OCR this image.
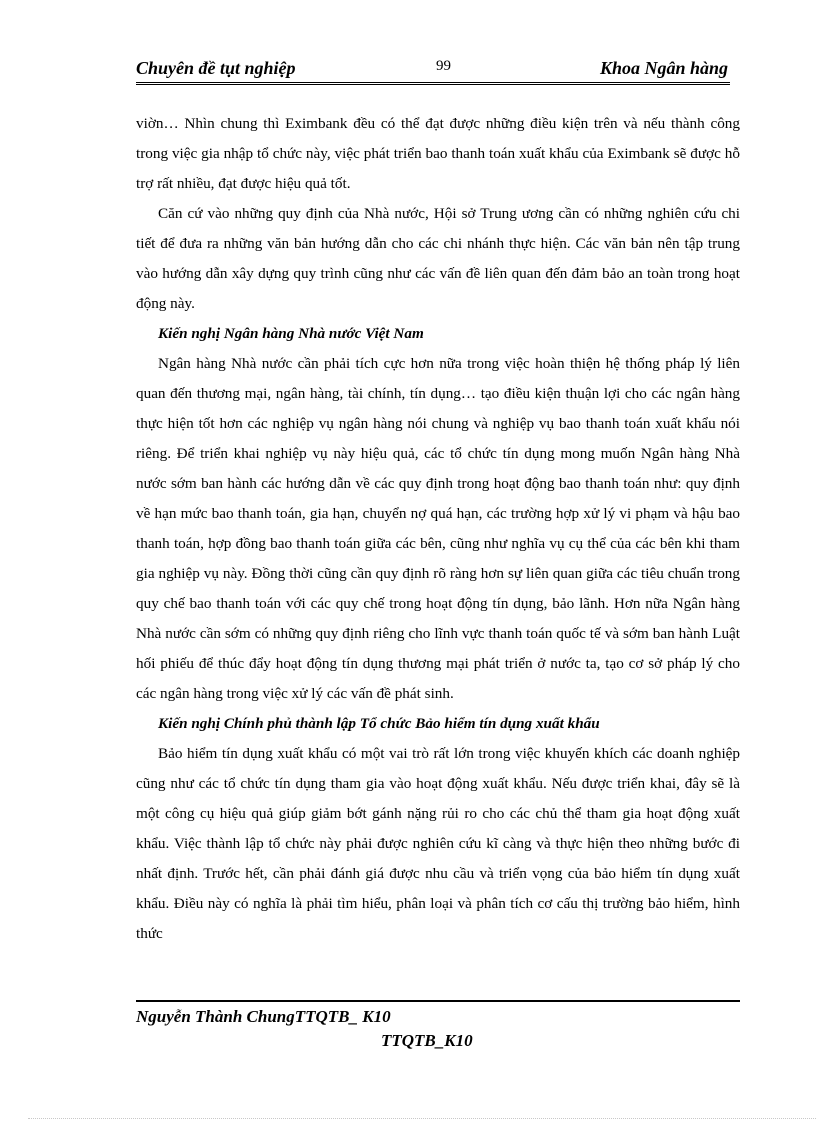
Chuyên đề tụt nghiệp	99	Khoa Ngân hàng

viờn… Nhìn chung thì Eximbank đều có thể đạt được những điều kiện trên và nếu thành công trong việc gia nhập tổ chức này, việc phát triển bao thanh toán xuất khẩu của Eximbank sẽ được hỗ trợ rất nhiều, đạt được hiệu quả tốt.

Căn cứ vào những quy định của Nhà nước, Hội sở Trung ương cần có những nghiên cứu chi tiết để đưa ra những văn bản hướng dẫn cho các chi nhánh thực hiện. Các văn bản nên tập trung vào hướng dẫn xây dựng quy trình cũng như các vấn đề liên quan đến đảm bảo an toàn trong hoạt động này.

Kiến nghị Ngân hàng Nhà nước Việt Nam

Ngân hàng Nhà nước cần phải tích cực hơn nữa trong việc hoàn thiện hệ thống pháp lý liên quan đến thương mại, ngân hàng, tài chính, tín dụng… tạo điều kiện thuận lợi cho các ngân hàng thực hiện tốt hơn các nghiệp vụ ngân hàng nói chung và nghiệp vụ bao thanh toán xuất khẩu nói riêng. Để triển khai nghiệp vụ này hiệu quả, các tổ chức tín dụng mong muốn Ngân hàng Nhà nước sớm ban hành các hướng dẫn về các quy định trong hoạt động bao thanh toán như: quy định về hạn mức bao thanh toán, gia hạn, chuyển nợ quá hạn, các trường hợp xử lý vi phạm và hậu bao thanh toán, hợp đồng bao thanh toán giữa các bên, cũng như nghĩa vụ cụ thể của các bên khi tham gia nghiệp vụ này. Đồng thời cũng cần quy định rõ ràng hơn sự liên quan giữa các tiêu chuẩn trong quy chế bao thanh toán với các quy chế trong hoạt động tín dụng, bảo lãnh. Hơn nữa Ngân hàng Nhà nước cần sớm có những quy định riêng cho lĩnh vực thanh toán quốc tế và sớm ban hành Luật hối phiếu để thúc đẩy hoạt động tín dụng thương mại phát triển ở nước ta, tạo cơ sở pháp lý cho các ngân hàng trong việc xử lý các vấn đề phát sinh.

Kiến nghị Chính phủ thành lập Tổ chức Bảo hiểm tín dụng xuất khẩu

Bảo hiểm tín dụng xuất khẩu có một vai trò rất lớn trong việc khuyến khích các doanh nghiệp cũng như các tổ chức tín dụng tham gia vào hoạt động xuất khẩu. Nếu được triển khai, đây sẽ là một công cụ hiệu quả giúp giảm bớt gánh nặng rủi ro cho các chủ thể tham gia hoạt động xuất khẩu. Việc thành lập tổ chức này phải được nghiên cứu kĩ càng và thực hiện theo những bước đi nhất định. Trước hết, cần phải đánh giá được nhu cầu và triển vọng của bảo hiểm tín dụng xuất khẩu. Điều này có nghĩa là phải tìm hiểu, phân loại và phân tích cơ cấu thị trường bảo hiểm, hình thức

Nguyễn Thành ChungTTQTB_ K10
TTQTB_K10
